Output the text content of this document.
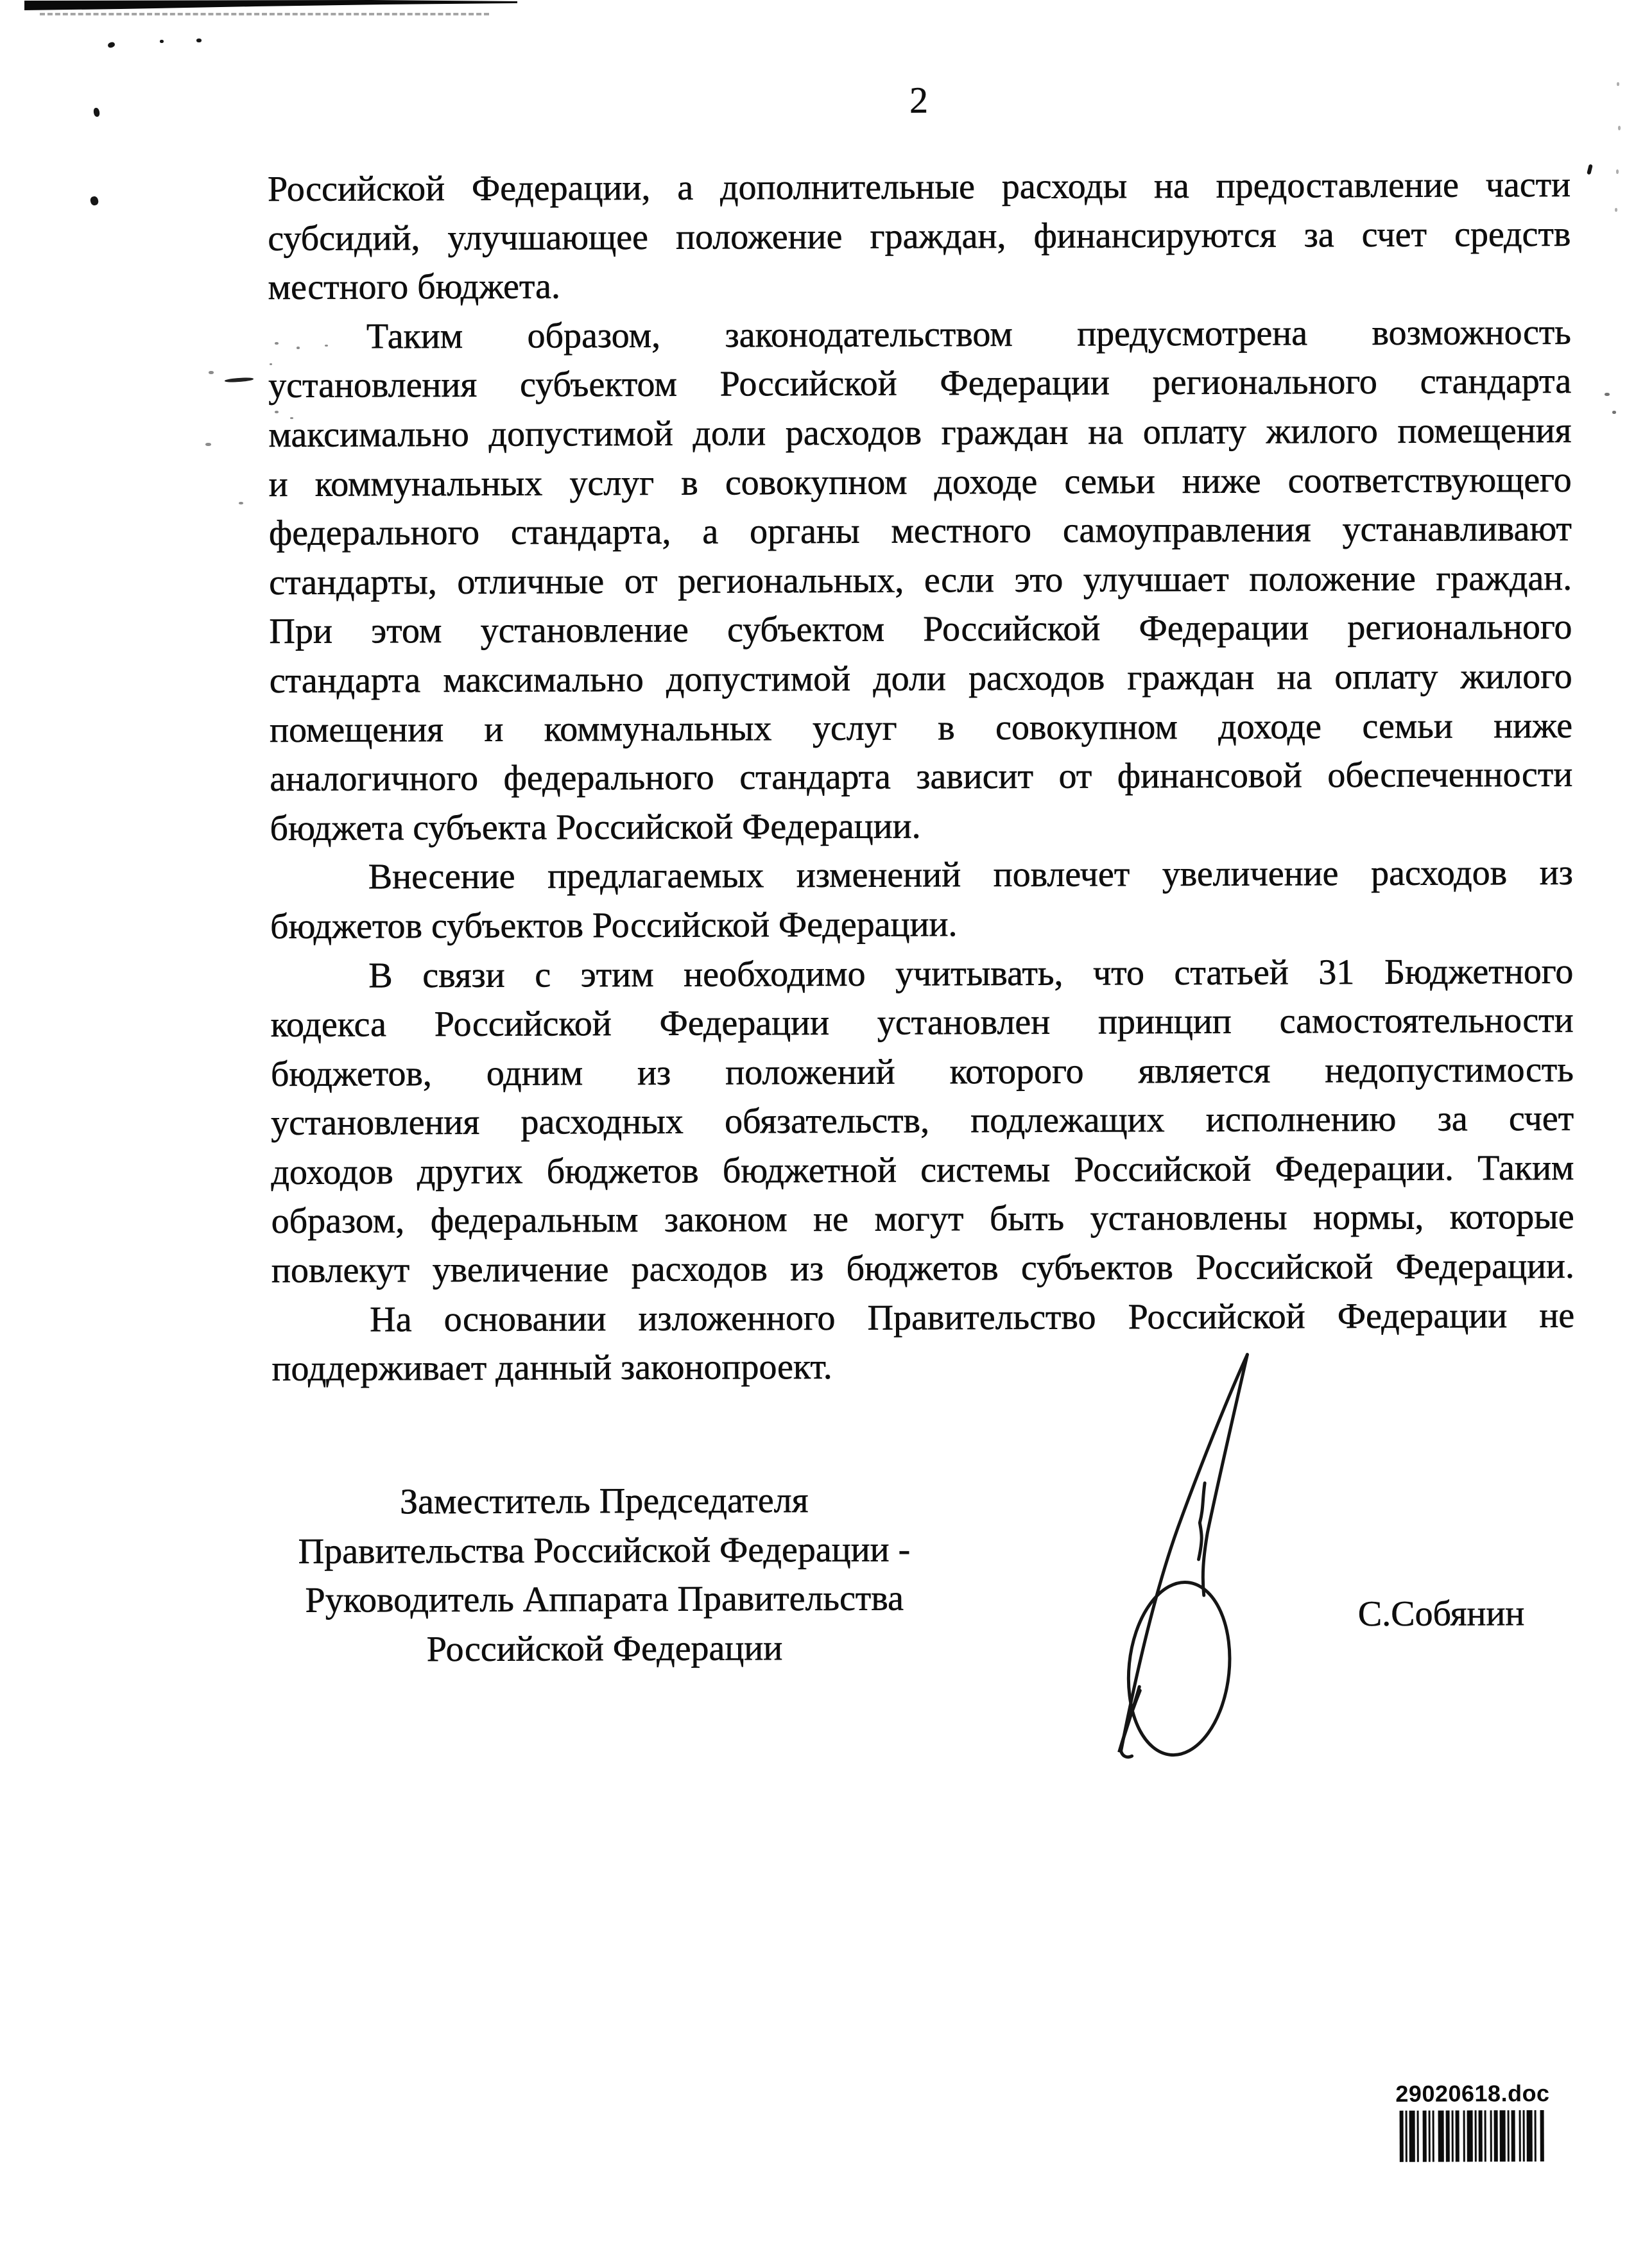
2
Российской Федерации, а дополнительные расходы на предоставление части
субсидий, улучшающее положение граждан, финансируются за счет средств
местного бюджета.
Таким образом, законодательством предусмотрена возможность
установления субъектом Российской Федерации регионального стандарта
максимально допустимой доли расходов граждан на оплату жилого помещения
и коммунальных услуг в совокупном доходе семьи ниже соответствующего
федерального стандарта, а органы местного самоуправления устанавливают
стандарты, отличные от региональных, если это улучшает положение граждан.
При этом установление субъектом Российской Федерации регионального
стандарта максимально допустимой доли расходов граждан на оплату жилого
помещения и коммунальных услуг в совокупном доходе семьи ниже
аналогичного федерального стандарта зависит от финансовой обеспеченности
бюджета субъекта Российской Федерации.
Внесение предлагаемых изменений повлечет увеличение расходов из
бюджетов субъектов Российской Федерации.
В связи с этим необходимо учитывать, что статьей 31 Бюджетного
кодекса Российской Федерации установлен принцип самостоятельности
бюджетов, одним из положений которого является недопустимость
установления расходных обязательств, подлежащих исполнению за счет
доходов других бюджетов бюджетной системы Российской Федерации. Таким
образом, федеральным законом не могут быть установлены нормы, которые
повлекут увеличение расходов из бюджетов субъектов Российской Федерации.
На основании изложенного Правительство Российской Федерации не
поддерживает данный законопроект.
Заместитель Председателя
Правительства Российской Федерации -
Руководитель Аппарата Правительства
Российской Федерации
С.Собянин
29020618.doc
